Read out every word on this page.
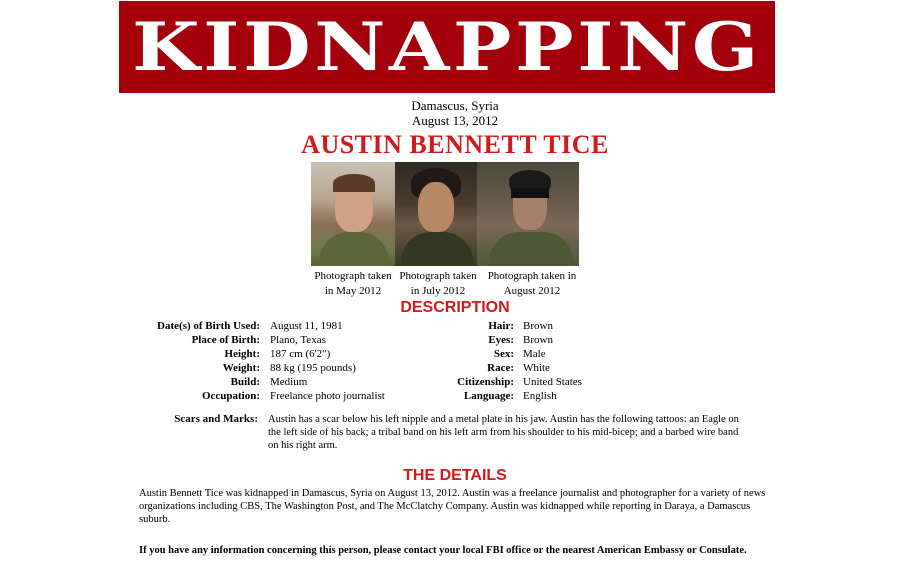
KIDNAPPING
Damascus, Syria
August 13, 2012
AUSTIN BENNETT TICE
Photograph taken
in May 2012
Photograph taken
in July 2012
Photograph taken in
August 2012
DESCRIPTION
Date(s) of Birth Used:
Place of Birth:
Height:
Weight:
Build:
Occupation:
August 11, 1981
Plano, Texas
187 cm (6'2")
88 kg (195 pounds)
Medium
Freelance photo journalist
Hair:
Eyes:
Sex:
Race:
Citizenship:
Language:
Brown
Brown
Male
White
United States
English
Scars and Marks: Austin has a scar below his left nipple and a metal plate in his jaw. Austin has the following tattoos: an Eagle on the left side of his back; a tribal band on his left arm from his shoulder to his mid-bicep; and a barbed wire band on his right arm.
THE DETAILS
Austin Bennett Tice was kidnapped in Damascus, Syria on August 13, 2012. Austin was a freelance journalist and photographer for a variety of news organizations including CBS, The Washington Post, and The McClatchy Company. Austin was kidnapped while reporting in Daraya, a Damascus suburb.
If you have any information concerning this person, please contact your local FBI office or the nearest American Embassy or Consulate.
